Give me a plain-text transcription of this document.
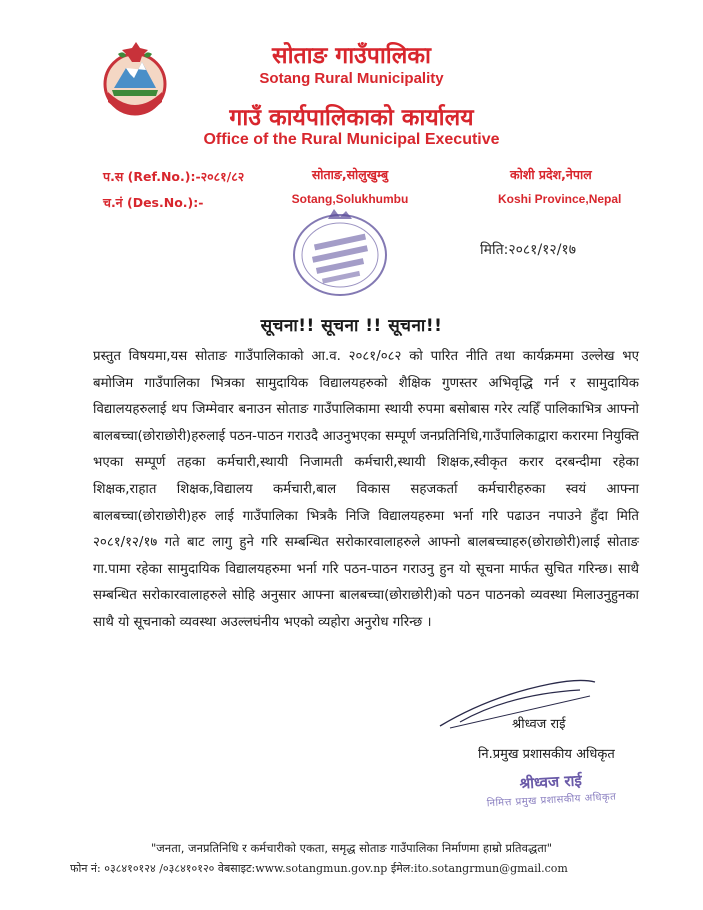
सोताङ गाउँपालिका
Sotang Rural Municipality
गाउँ कार्यपालिकाको कार्यालय
Office of the Rural Municipal Executive
प.स (Ref.No.):-२०८१/८२
च.नं (Des.No.):-
सोताङ,सोलुखुम्बु
Sotang,Solukhumbu
कोशी प्रदेश,नेपाल
Koshi Province,Nepal
मिति:२०८१/१२/१७
सूचना!! सूचना !! सूचना!!
प्रस्तुत विषयमा,यस सोताङ गाउँपालिकाको आ.व. २०८१/०८२ को पारित नीति तथा कार्यक्रममा उल्लेख भए बमोजिम गाउँपालिका भित्रका सामुदायिक विद्यालयहरुको शैक्षिक गुणस्तर अभिवृद्धि गर्न र सामुदायिक विद्यालयहरुलाई थप जिम्मेवार बनाउन सोताङ गाउँपालिकामा स्थायी रुपमा बसोबास गरेर त्यहिँ पालिकाभित्र आफ्नो बालबच्चा(छोराछोरी)हरुलाई पठन-पाठन गराउदै आउनुभएका सम्पूर्ण जनप्रतिनिधि,गाउँपालिकाद्वारा करारमा नियुक्ति भएका सम्पूर्ण तहका कर्मचारी,स्थायी निजामती कर्मचारी,स्थायी शिक्षक,स्वीकृत करार दरबन्दीमा रहेका शिक्षक,राहात शिक्षक,विद्यालय कर्मचारी,बाल विकास सहजकर्ता कर्मचारीहरुका स्वयं आफ्ना बालबच्चा(छोराछोरी)हरु लाई गाउँपालिका भित्रकै निजि विद्यालयहरुमा भर्ना गरि पढाउन नपाउने हुँदा मिति २०८१/१२/१७ गते बाट लागु हुने गरि सम्बन्धित सरोकारवालाहरुले आफ्नो बालबच्चाहरु(छोराछोरी)लाई सोताङ गा.पामा रहेका सामुदायिक विद्यालयहरुमा भर्ना गरि पठन-पाठन गराउनु हुन यो सूचना मार्फत सुचित गरिन्छ। साथै सम्बन्धित सरोकारवालाहरुले सोहि अनुसार आफ्ना बालबच्चा(छोराछोरी)को पठन पाठनको व्यवस्था मिलाउनुहुनका साथै यो सूचनाको व्यवस्था अउल्लघंनीय भएको व्यहोरा अनुरोध गरिन्छ ।
श्रीध्वज राई
नि.प्रमुख प्रशासकीय अधिकृत
श्रीध्वज राई
निमित्त प्रमुख प्रशासकीय अधिकृत
"जनता, जनप्रतिनिधि र कर्मचारीको एकता, समृद्ध सोताङ गाउँपालिका निर्माणमा हाम्रो प्रतिवद्धता"
फोन नं: ०३८४१०१२४ /०३८४१०१२० वेबसाइट:www.sotangmun.gov.np ईमेल:ito.sotangrmun@gmail.com
